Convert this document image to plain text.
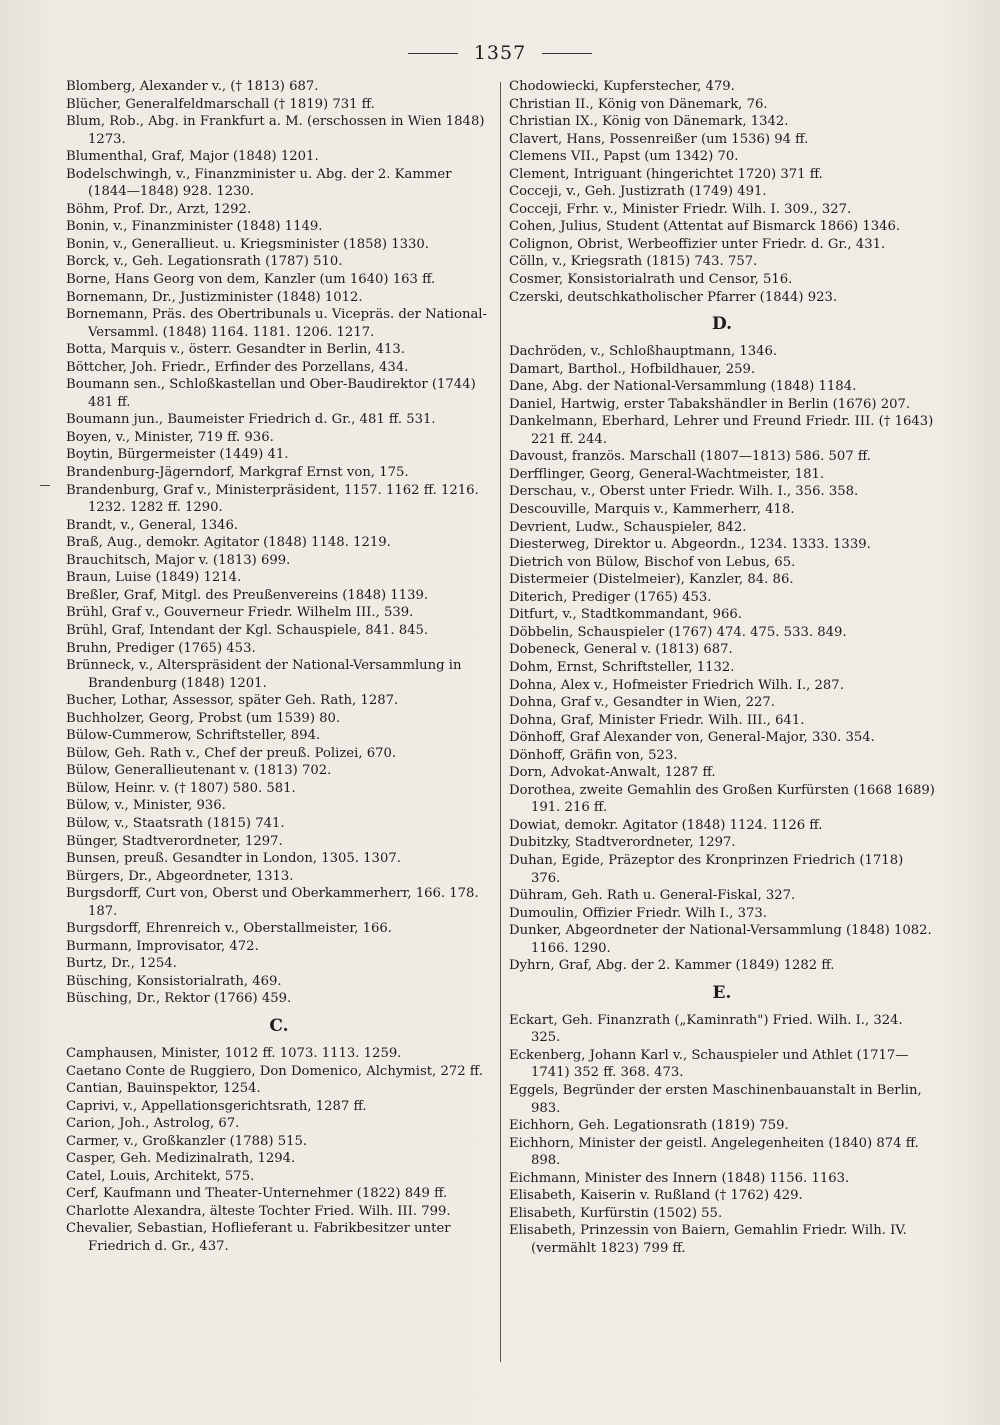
1357
Blomberg, Alexander v., († 1813) 687.
Blücher, Generalfeldmarschall († 1819) 731 ff.
Blum, Rob., Abg. in Frankfurt a. M. (erschossen in Wien 1848) 1273.
Blumenthal, Graf, Major (1848) 1201.
Bodelschwingh, v., Finanzminister u. Abg. der 2. Kammer (1844—1848) 928. 1230.
Böhm, Prof. Dr., Arzt, 1292.
Bonin, v., Finanzminister (1848) 1149.
Bonin, v., Generallieut. u. Kriegsminister (1858) 1330.
Borck, v., Geh. Legationsrath (1787) 510.
Borne, Hans Georg von dem, Kanzler (um 1640) 163 ff.
Bornemann, Dr., Justizminister (1848) 1012.
Bornemann, Präs. des Obertribunals u. Vicepräs. der National-Versamml. (1848) 1164. 1181. 1206. 1217.
Botta, Marquis v., österr. Gesandter in Berlin, 413.
Böttcher, Joh. Friedr., Erfinder des Porzellans, 434.
Boumann sen., Schloßkastellan und Ober-Baudirektor (1744) 481 ff.
Boumann jun., Baumeister Friedrich d. Gr., 481 ff. 531.
Boyen, v., Minister, 719 ff. 936.
Boytin, Bürgermeister (1449) 41.
Brandenburg-Jägerndorf, Markgraf Ernst von, 175.
Brandenburg, Graf v., Ministerpräsident, 1157. 1162 ff. 1216. 1232. 1282 ff. 1290.
Brandt, v., General, 1346.
Braß, Aug., demokr. Agitator (1848) 1148. 1219.
Brauchitsch, Major v. (1813) 699.
Braun, Luise (1849) 1214.
Breßler, Graf, Mitgl. des Preußenvereins (1848) 1139.
Brühl, Graf v., Gouverneur Friedr. Wilhelm III., 539.
Brühl, Graf, Intendant der Kgl. Schauspiele, 841. 845.
Bruhn, Prediger (1765) 453.
Brünneck, v., Alterspräsident der National-Versammlung in Brandenburg (1848) 1201.
Bucher, Lothar, Assessor, später Geh. Rath, 1287.
Buchholzer, Georg, Probst (um 1539) 80.
Bülow-Cummerow, Schriftsteller, 894.
Bülow, Geh. Rath v., Chef der preuß. Polizei, 670.
Bülow, Generallieutenant v. (1813) 702.
Bülow, Heinr. v. († 1807) 580. 581.
Bülow, v., Minister, 936.
Bülow, v., Staatsrath (1815) 741.
Bünger, Stadtverordneter, 1297.
Bunsen, preuß. Gesandter in London, 1305. 1307.
Bürgers, Dr., Abgeordneter, 1313.
Burgsdorff, Curt von, Oberst und Oberkammerherr, 166. 178. 187.
Burgsdorff, Ehrenreich v., Oberstallmeister, 166.
Burmann, Improvisator, 472.
Burtz, Dr., 1254.
Büsching, Konsistorialrath, 469.
Büsching, Dr., Rektor (1766) 459.
C.
Camphausen, Minister, 1012 ff. 1073. 1113. 1259.
Caetano Conte de Ruggiero, Don Domenico, Alchymist, 272 ff.
Cantian, Bauinspektor, 1254.
Caprivi, v., Appellationsgerichtsrath, 1287 ff.
Carion, Joh., Astrolog, 67.
Carmer, v., Großkanzler (1788) 515.
Casper, Geh. Medizinalrath, 1294.
Catel, Louis, Architekt, 575.
Cerf, Kaufmann und Theater-Unternehmer (1822) 849 ff.
Charlotte Alexandra, älteste Tochter Fried. Wilh. III. 799.
Chevalier, Sebastian, Hoflieferant u. Fabrikbesitzer unter Friedrich d. Gr., 437.
Chodowiecki, Kupferstecher, 479.
Christian II., König von Dänemark, 76.
Christian IX., König von Dänemark, 1342.
Clavert, Hans, Possenreißer (um 1536) 94 ff.
Clemens VII., Papst (um 1342) 70.
Clement, Intriguant (hingerichtet 1720) 371 ff.
Cocceji, v., Geh. Justizrath (1749) 491.
Cocceji, Frhr. v., Minister Friedr. Wilh. I. 309., 327.
Cohen, Julius, Student (Attentat auf Bismarck 1866) 1346.
Colignon, Obrist, Werbeoffizier unter Friedr. d. Gr., 431.
Cölln, v., Kriegsrath (1815) 743. 757.
Cosmer, Konsistorialrath und Censor, 516.
Czerski, deutschkatholischer Pfarrer (1844) 923.
D.
Dachröden, v., Schloßhauptmann, 1346.
Damart, Barthol., Hofbildhauer, 259.
Dane, Abg. der National-Versammlung (1848) 1184.
Daniel, Hartwig, erster Tabakshändler in Berlin (1676) 207.
Dankelmann, Eberhard, Lehrer und Freund Friedr. III. († 1643) 221 ff. 244.
Davoust, französ. Marschall (1807—1813) 586. 507 ff.
Derfflinger, Georg, General-Wachtmeister, 181.
Derschau, v., Oberst unter Friedr. Wilh. I., 356. 358.
Descouville, Marquis v., Kammerherr, 418.
Devrient, Ludw., Schauspieler, 842.
Diesterweg, Direktor u. Abgeordn., 1234. 1333. 1339.
Dietrich von Bülow, Bischof von Lebus, 65.
Distermeier (Distelmeier), Kanzler, 84. 86.
Diterich, Prediger (1765) 453.
Ditfurt, v., Stadtkommandant, 966.
Döbbelin, Schauspieler (1767) 474. 475. 533. 849.
Dobeneck, General v. (1813) 687.
Dohm, Ernst, Schriftsteller, 1132.
Dohna, Alex v., Hofmeister Friedrich Wilh. I., 287.
Dohna, Graf v., Gesandter in Wien, 227.
Dohna, Graf, Minister Friedr. Wilh. III., 641.
Dönhoff, Graf Alexander von, General-Major, 330. 354.
Dönhoff, Gräfin von, 523.
Dorn, Advokat-Anwalt, 1287 ff.
Dorothea, zweite Gemahlin des Großen Kurfürsten (1668 1689) 191. 216 ff.
Dowiat, demokr. Agitator (1848) 1124. 1126 ff.
Dubitzky, Stadtverordneter, 1297.
Duhan, Egide, Präzeptor des Kronprinzen Friedrich (1718) 376.
Dühram, Geh. Rath u. General-Fiskal, 327.
Dumoulin, Offizier Friedr. Wilh I., 373.
Dunker, Abgeordneter der National-Versammlung (1848) 1082. 1166. 1290.
Dyhrn, Graf, Abg. der 2. Kammer (1849) 1282 ff.
E.
Eckart, Geh. Finanzrath („Kaminrath") Fried. Wilh. I., 324. 325.
Eckenberg, Johann Karl v., Schauspieler und Athlet (1717—1741) 352 ff. 368. 473.
Eggels, Begründer der ersten Maschinenbauanstalt in Berlin, 983.
Eichhorn, Geh. Legationsrath (1819) 759.
Eichhorn, Minister der geistl. Angelegenheiten (1840) 874 ff. 898.
Eichmann, Minister des Innern (1848) 1156. 1163.
Elisabeth, Kaiserin v. Rußland († 1762) 429.
Elisabeth, Kurfürstin (1502) 55.
Elisabeth, Prinzessin von Baiern, Gemahlin Friedr. Wilh. IV. (vermählt 1823) 799 ff.
